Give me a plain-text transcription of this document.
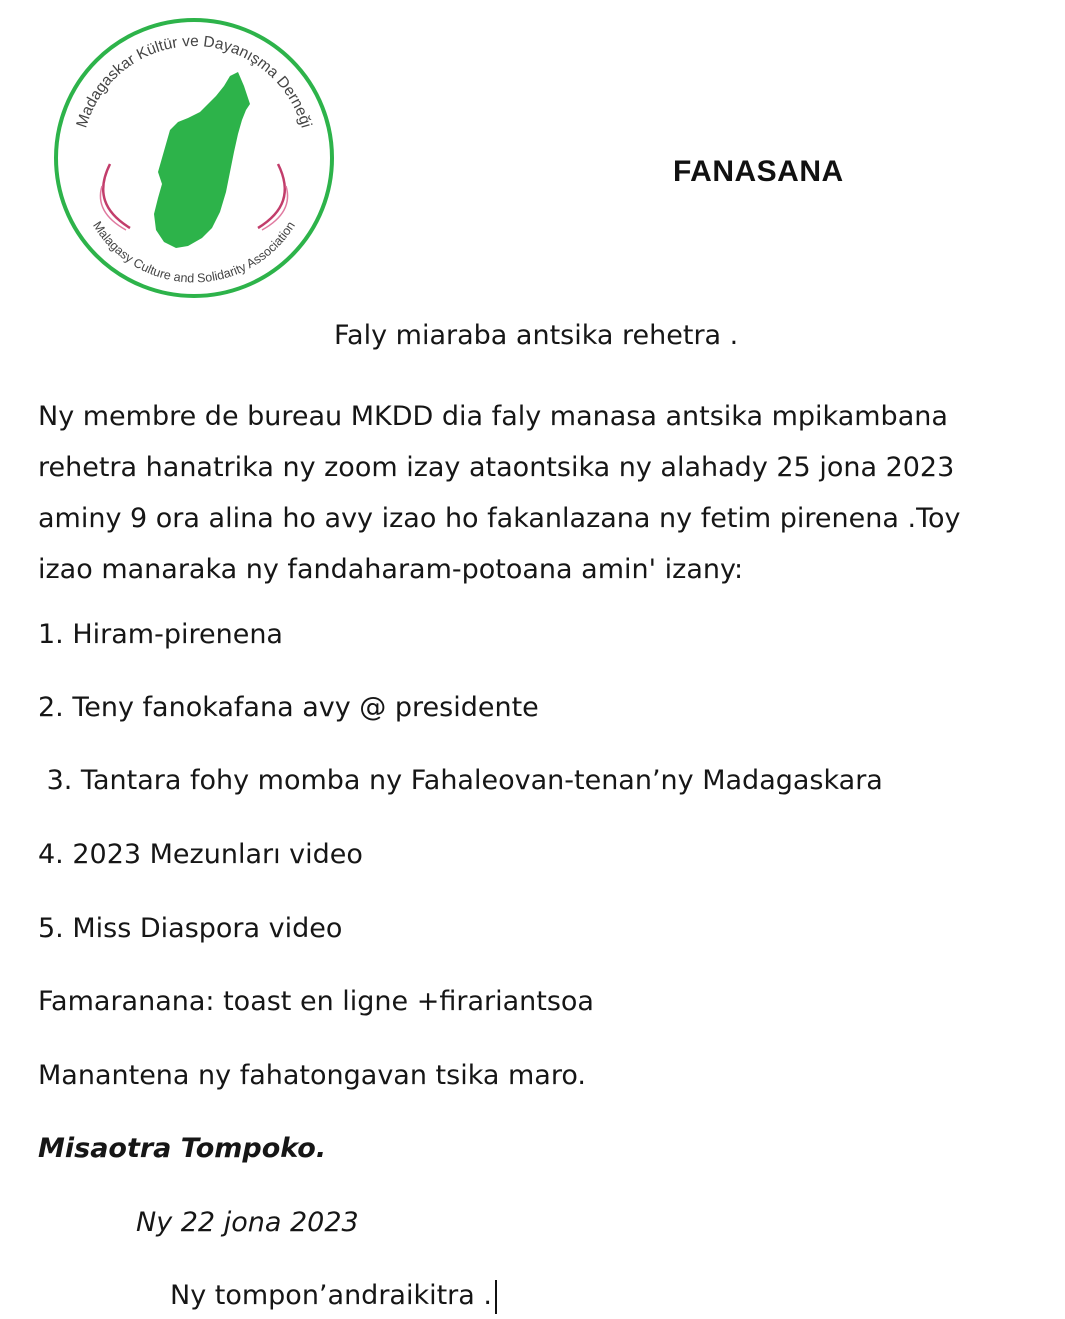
Madagaskar Kültür ve Dayanışma Derneği
Malagasy Culture and Solidarity Association
FANASANA
Faly miaraba antsika rehetra .
Ny membre de bureau MKDD dia faly manasa antsika mpikambana
rehetra hanatrika ny zoom izay ataontsika ny alahady 25 jona 2023
aminy 9 ora alina ho avy izao ho fakanlazana ny fetim pirenena .Toy
izao manaraka ny fandaharam-potoana amin' izany:
1. Hiram-pirenena
2. Teny fanokafana avy @ presidente
3. Tantara fohy momba ny Fahaleovan-tenan’ny Madagaskara
4. 2023 Mezunları video
5. Miss Diaspora video
Famaranana: toast en ligne +firariantsoa
Manantena ny fahatongavan tsika maro.
Misaotra Tompoko.
Ny 22 jona 2023
Ny tompon’andraikitra .
